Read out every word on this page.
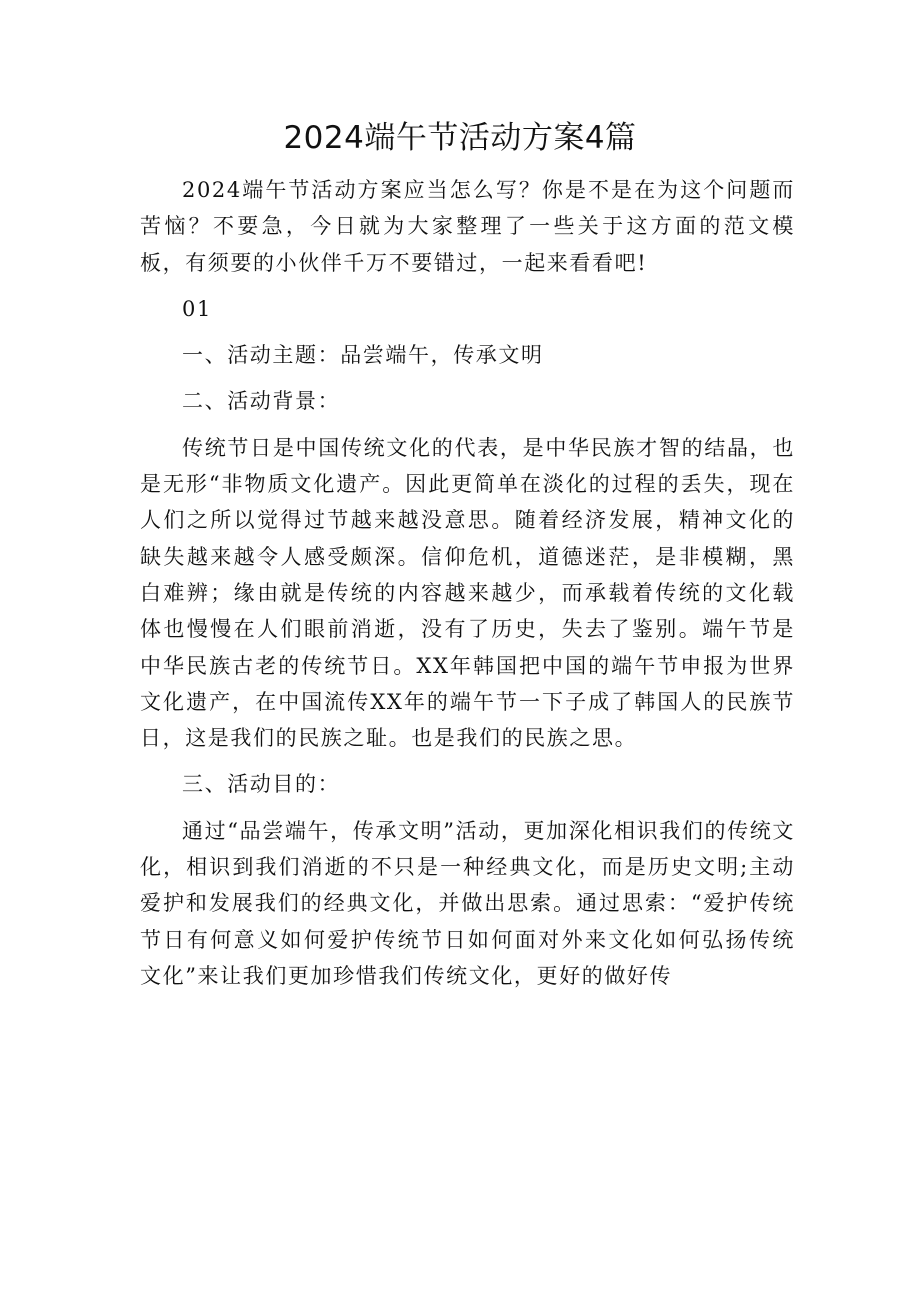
2024端午节活动方案4篇

2024端午节活动方案应当怎么写？你是不是在为这个问题而苦恼？不要急，今日就为大家整理了一些关于这方面的范文模板，有须要的小伙伴千万不要错过，一起来看看吧!

01

一、活动主题：品尝端午，传承文明

二、活动背景：

传统节日是中国传统文化的代表，是中华民族才智的结晶，也是无形“非物质文化遗产。因此更简单在淡化的过程的丢失，现在人们之所以觉得过节越来越没意思。随着经济发展，精神文化的缺失越来越令人感受颇深。信仰危机，道德迷茫，是非模糊，黑白难辨；缘由就是传统的内容越来越少，而承载着传统的文化载体也慢慢在人们眼前消逝，没有了历史，失去了鉴别。端午节是中华民族古老的传统节日。XX年韩国把中国的端午节申报为世界文化遗产，在中国流传XX年的端午节一下子成了韩国人的民族节日，这是我们的民族之耻。也是我们的民族之思。

三、活动目的：

通过“品尝端午，传承文明”活动，更加深化相识我们的传统文化，相识到我们消逝的不只是一种经典文化，而是历史文明;主动爱护和发展我们的经典文化，并做出思索。通过思索：“爱护传统节日有何意义如何爱护传统节日如何面对外来文化如何弘扬传统文化”来让我们更加珍惜我们传统文化，更好的做好传
